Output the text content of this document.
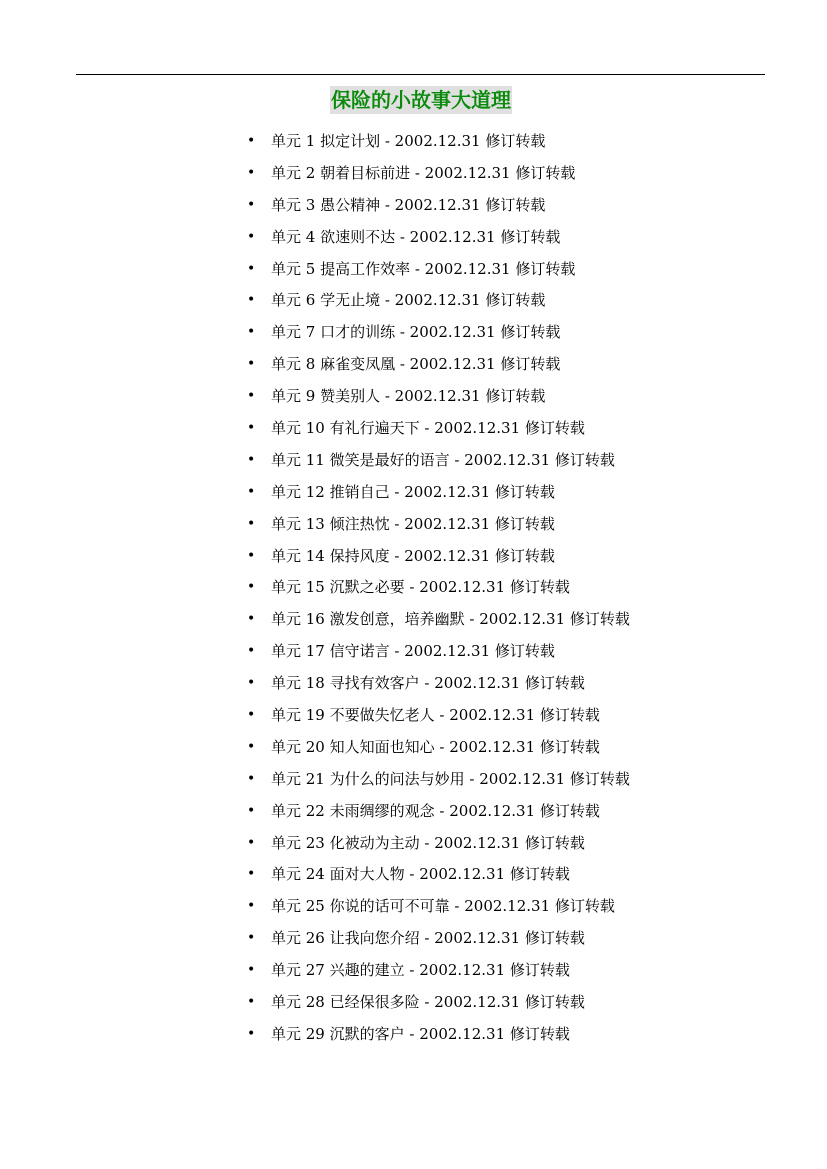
保险的小故事大道理
• 单元 1 拟定计划 - 2002.12.31 修订转载
• 单元 2 朝着目标前进 - 2002.12.31 修订转载
• 单元 3 愚公精神 - 2002.12.31 修订转载
• 单元 4 欲速则不达 - 2002.12.31 修订转载
• 单元 5 提高工作效率 - 2002.12.31 修订转载
• 单元 6 学无止境 - 2002.12.31 修订转载
• 单元 7 口才的训练 - 2002.12.31 修订转载
• 单元 8 麻雀变凤凰 - 2002.12.31 修订转载
• 单元 9 赞美别人 - 2002.12.31 修订转载
• 单元 10 有礼行遍天下 - 2002.12.31 修订转载
• 单元 11 微笑是最好的语言 - 2002.12.31 修订转载
• 单元 12 推销自己 - 2002.12.31 修订转载
• 单元 13 倾注热忱 - 2002.12.31 修订转载
• 单元 14 保持风度 - 2002.12.31 修订转载
• 单元 15 沉默之必要 - 2002.12.31 修订转载
• 单元 16 激发创意，培养幽默 - 2002.12.31 修订转载
• 单元 17 信守诺言 - 2002.12.31 修订转载
• 单元 18 寻找有效客户 - 2002.12.31 修订转载
• 单元 19 不要做失忆老人 - 2002.12.31 修订转载
• 单元 20 知人知面也知心 - 2002.12.31 修订转载
• 单元 21 为什么的问法与妙用 - 2002.12.31 修订转载
• 单元 22 未雨绸缪的观念 - 2002.12.31 修订转载
• 单元 23 化被动为主动 - 2002.12.31 修订转载
• 单元 24 面对大人物 - 2002.12.31 修订转载
• 单元 25 你说的话可不可靠 - 2002.12.31 修订转载
• 单元 26 让我向您介绍 - 2002.12.31 修订转载
• 单元 27 兴趣的建立 - 2002.12.31 修订转载
• 单元 28 已经保很多险 - 2002.12.31 修订转载
• 单元 29 沉默的客户 - 2002.12.31 修订转载
